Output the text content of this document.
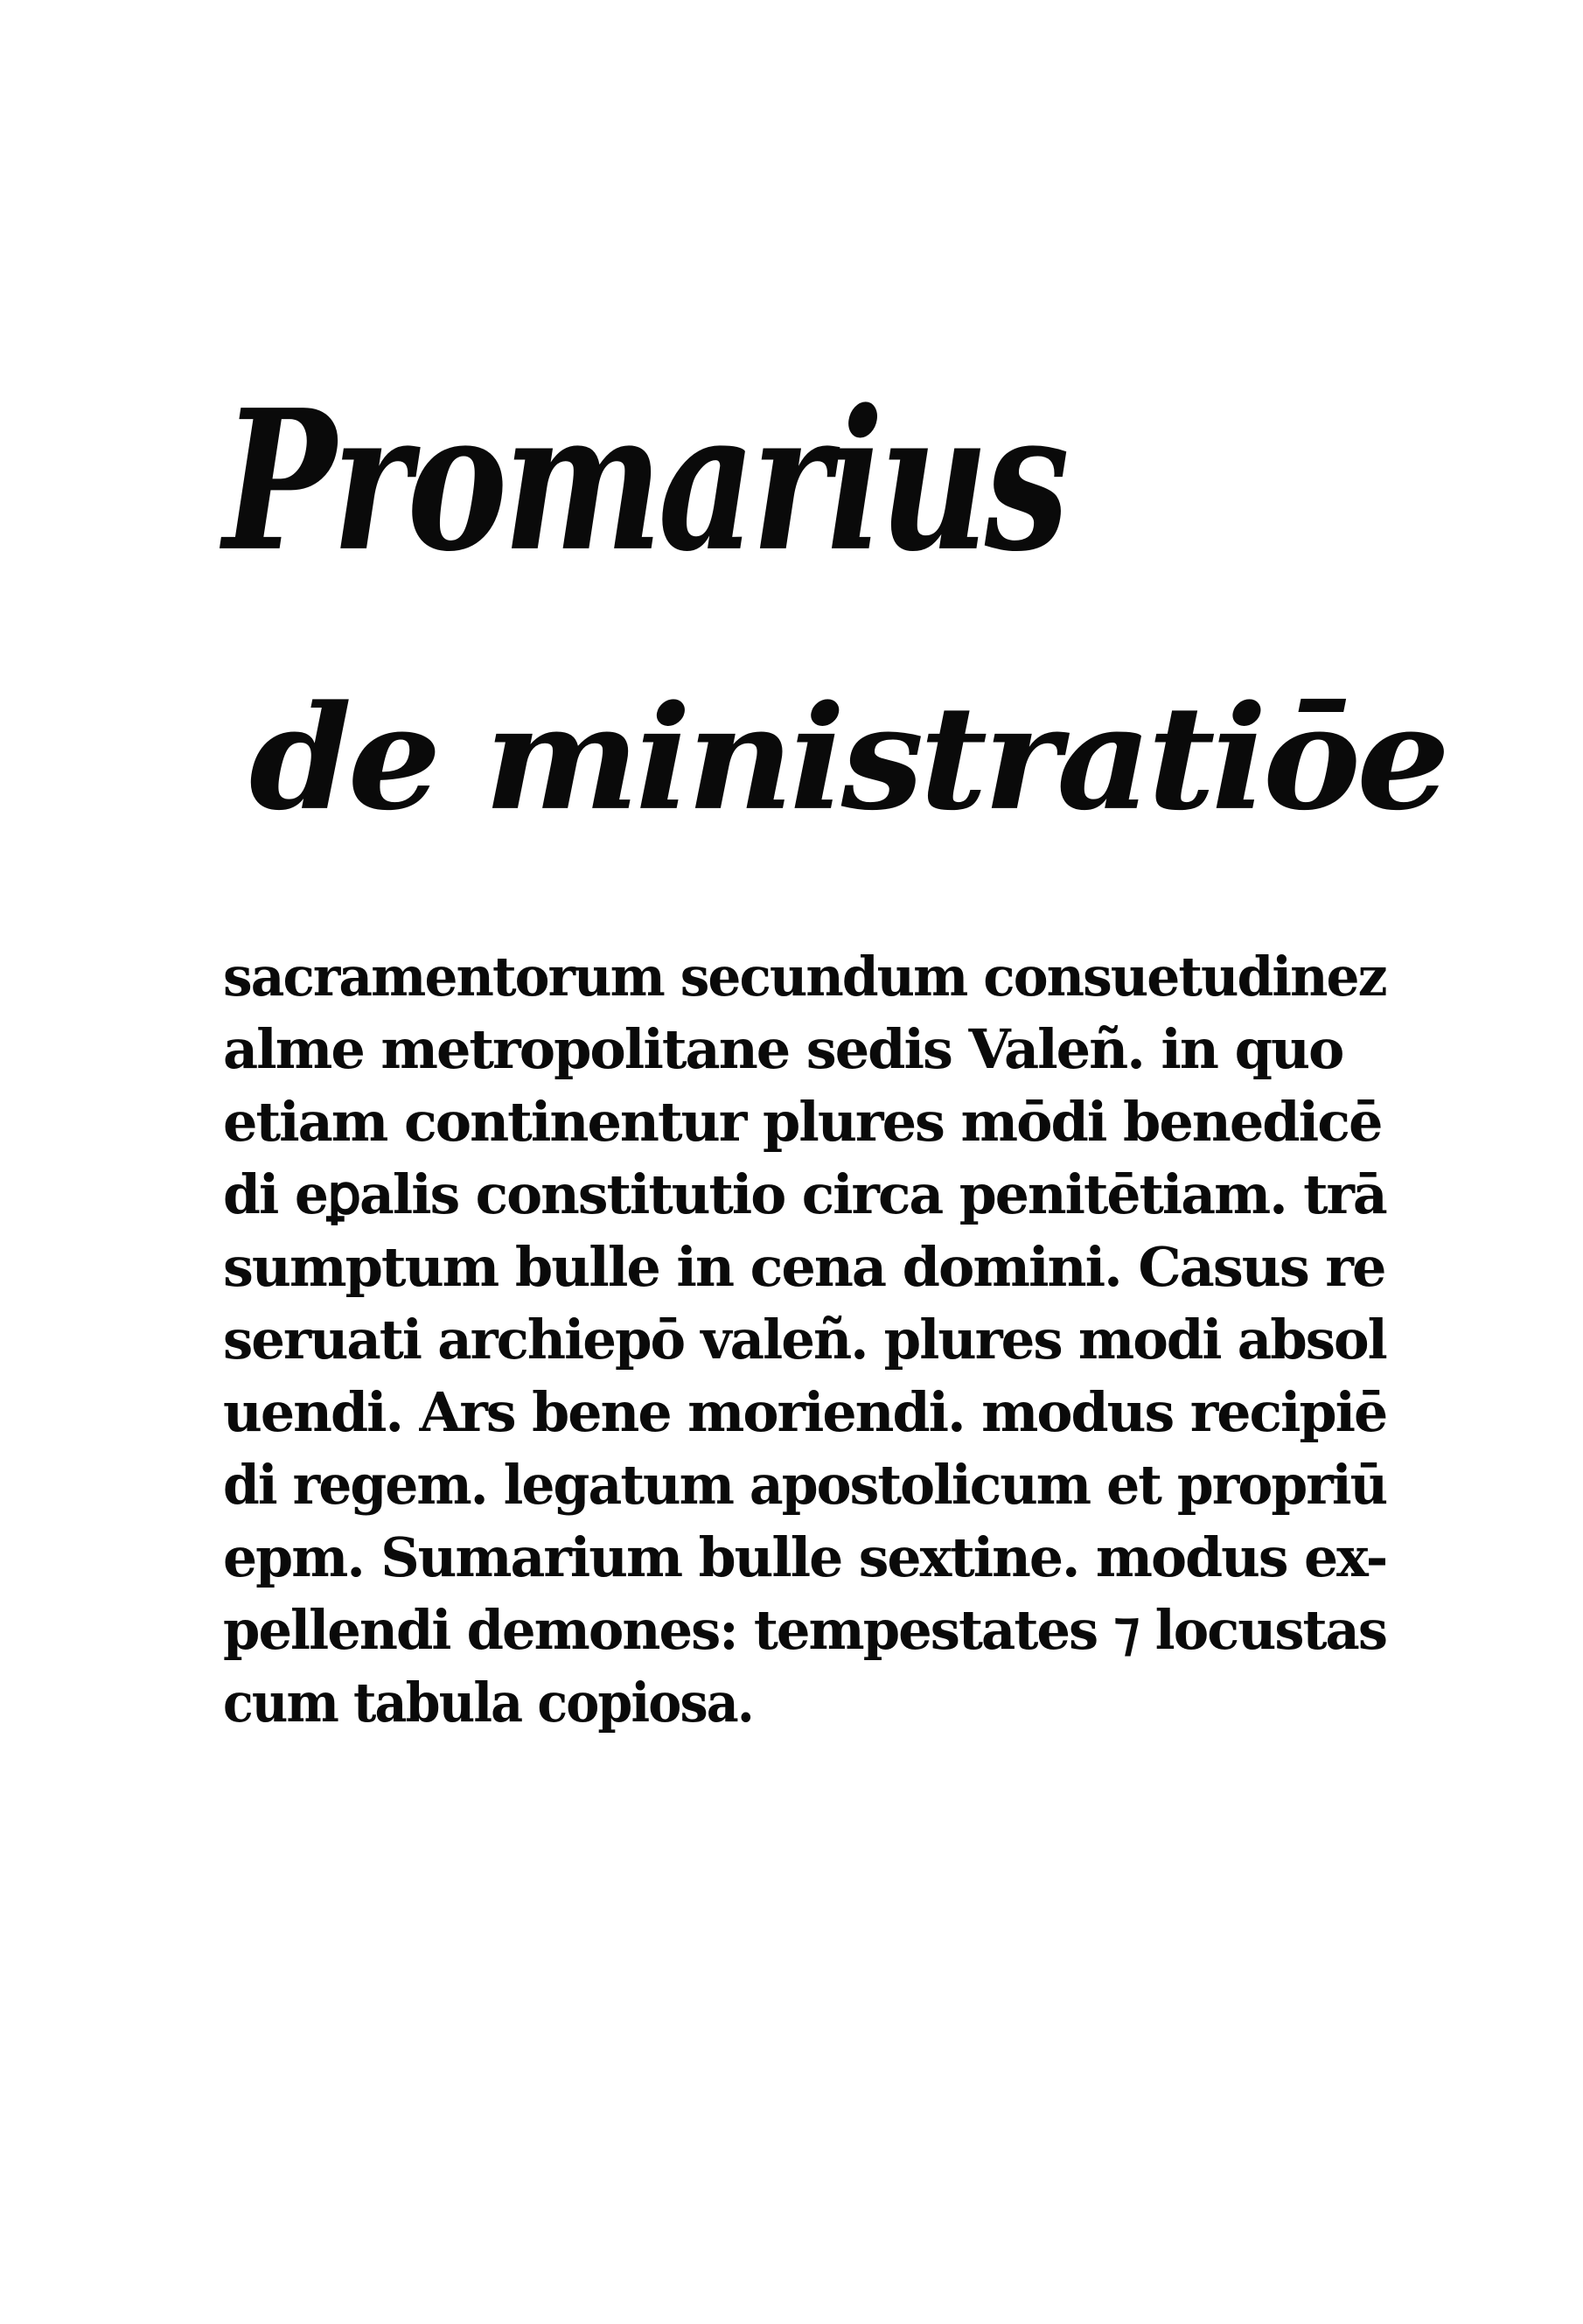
Promarius
de ministratiōe
sacramentorum secundum consuetudinez
alme metropolitane sedis Valeñ. in quo
etiam continentur plures mōdi benedicē
di eꝑalis constitutio circa penitētiam. trā
sumptum bulle in cena domini. Casus re
seruati archiepō valeñ. plures modi absol
uendi. Ars bene moriendi. modus recipiē
di regem. legatum apostolicum et propriū
epm. Sumarium bulle sextine. modus ex-
pellendi demones: tempestates ⁊ locustas
cum tabula copiosa.
